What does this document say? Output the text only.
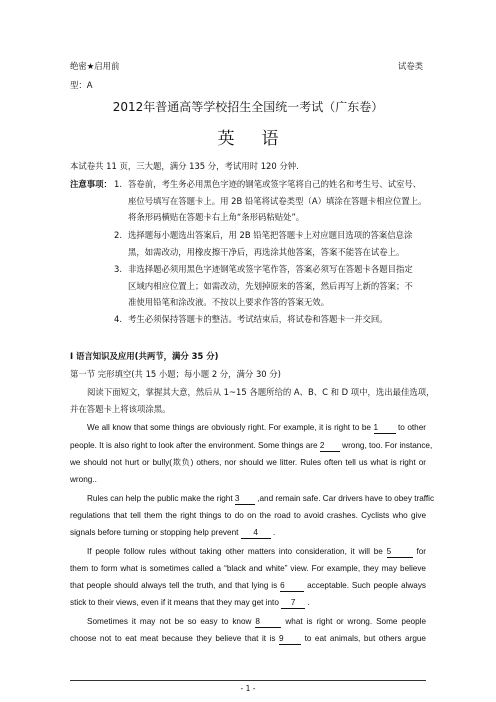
绝密★启用前	试卷类
型：A
2012年普通高等学校招生全国统一考试（广东卷）
英     语
本试卷共 11 页，三大题，满分 135 分，考试用时 120 分钟.
注意事项： 1. 答卷前，考生务必用黑色字迹的钢笔或签字笔将自己的姓名和考生号、试室号、
座位号填写在答题卡上。用 2B 铅笔将试卷类型（A）填涂在答题卡相应位置上。
将条形码横贴在答题卡右上角“条形码粘贴处”。
2. 选择题每小题选出答案后，用 2B 铅笔把答题卡上对应题目选项的答案信息涂
黑，如需改动，用橡皮擦干净后，再选涂其他答案，答案不能答在试卷上。
3. 非选择题必须用黑色字迹钢笔或签字笔作答，答案必须写在答题卡各题目指定
区域内相应位置上；如需改动，先划掉原来的答案，然后再写上新的答案；不
准使用铅笔和涂改液。不按以上要求作答的答案无效。
4. 考生必须保持答题卡的整洁。考试结束后，将试卷和答题卡一并交回。
Ⅰ 语言知识及应用(共两节，满分 35 分)
第一节 完形填空(共 15 小题；每小题 2 分，满分 30 分)
阅读下面短文，掌握其大意，然后从 1~15 各题所给的 A、B、C 和 D 项中，选出最佳选项，
并在答题卡上将该项涂黑。
We all know that some things are obviously right. For example, it is right to be 1 to other
people. It is also right to look after the environment. Some things are 2 wrong, too. For instance,
we should not hurt or bully(欺负) others, nor should we litter. Rules often tell us what is right or
wrong..
Rules can help the public make the right 3 ,and remain safe. Car drivers have to obey traffic
regulations that tell them the right things to do on the road to avoid crashes. Cyclists who give
signals before turning or stopping help prevent 4 .
If people follow rules without taking other matters into consideration, it will be 5	for
them to form what is sometimes called a “black and white” view. For example, they may believe
that people should always tell the truth, and that lying is 6	acceptable. Such people always
stick to their views, even if it means that they may get into 7 .
Sometimes it may not be so easy to know 8	what is right or wrong. Some people
choose not to eat meat because they believe that it is 9	to eat animals, but others argue
- 1 -
